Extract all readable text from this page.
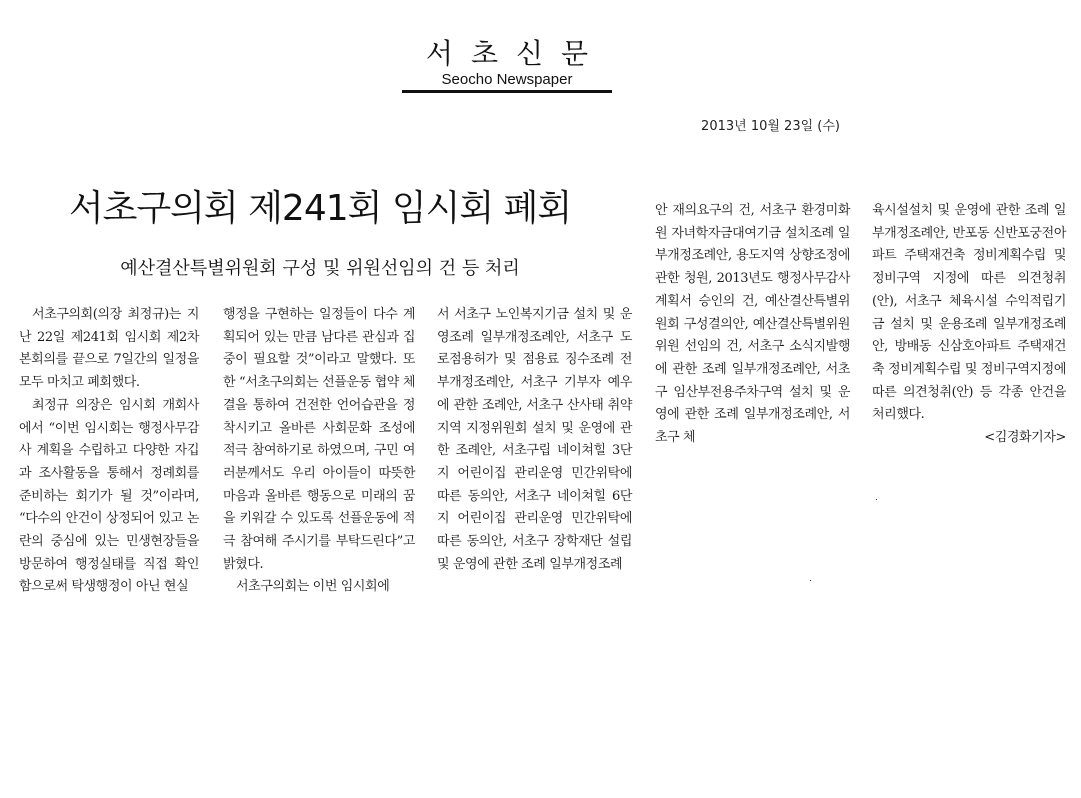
서초신문
Seocho Newspaper
2013년 10월 23일 (수)
서초구의회 제241회 임시회 폐회
예산결산특별위원회 구성 및 위원선임의 건 등 처리

서초구의회(의장 최정규)는 지난 22일 제241회 임시회 제2차 본회의를 끝으로 7일간의 일정을 모두 마치고 폐회했다.

최정규 의장은 임시회 개회사에서 “이번 임시회는 행정사무감사 계획을 수립하고 다양한 자깁과 조사활동을 통해서 정례회를 준비하는 회기가 될 것”이라며, “다수의 안건이 상정되어 있고 논란의 중심에 있는 민생현장들을 방문하여 행정실태를 직접 확인함으로써 탁생행정이 아닌 현실

행정을 구현하는 일정들이 다수 계획되어 있는 만큼 남다른 관심과 집중이 필요할 것”이라고 말했다. 또한 “서초구의회는 선플운동 협약 체결을 통하여 건전한 언어습관을 정착시키고 올바른 사회문화 조성에 적극 참여하기로 하였으며, 구민 여러분께서도 우리 아이들이 따뜻한 마음과 올바른 행동으로 미래의 꿈을 키워갈 수 있도록 선플운동에 적극 참여해 주시기를 부탁드린다”고 밝혔다.

서초구의회는 이번 임시회에

서 서초구 노인복지기금 설치 및 운영조례 일부개정조례안, 서초구 도로점용허가 및 점용료 징수조례 전부개정조례안, 서초구 기부자 예우에 관한 조례안, 서초구 산사태 취약지역 지정위원회 설치 및 운영에 관한 조례안, 서초구립 네이쳐힐 3단지 어린이집 관리운영 민간위탁에 따른 동의안, 서초구 네이쳐힐 6단지 어린이집 관리운영 민간위탁에 따른 동의안, 서초구 장학재단 설립 및 운영에 관한 조례 일부개정조례

안 재의요구의 건, 서초구 환경미화원 자녀학자금대여기금 설치조례 일부개정조례안, 용도지역 상향조정에 관한 청원, 2013년도 행정사무감사계획서 승인의 건, 예산결산특별위원회 구성결의안, 예산결산특별위원위원 선임의 건, 서초구 소식지발행에 관한 조례 일부개정조례안, 서초구 임산부전용주차구역 설치 및 운영에 관한 조례 일부개정조례안, 서초구 체

육시설설치 및 운영에 관한 조례 일부개정조례안, 반포동 신반포궁전아파트 주택재건축 정비계획수립 및 정비구역 지정에 따른 의견청취(안), 서초구 체육시설 수익적립기금 설치 및 운용조례 일부개정조례안, 방배동 신삼호아파트 주택재건축 정비계획수립 및 정비구역지정에 따른 의견청취(안) 등 각종 안건을 처리했다.

<김경화기자>
